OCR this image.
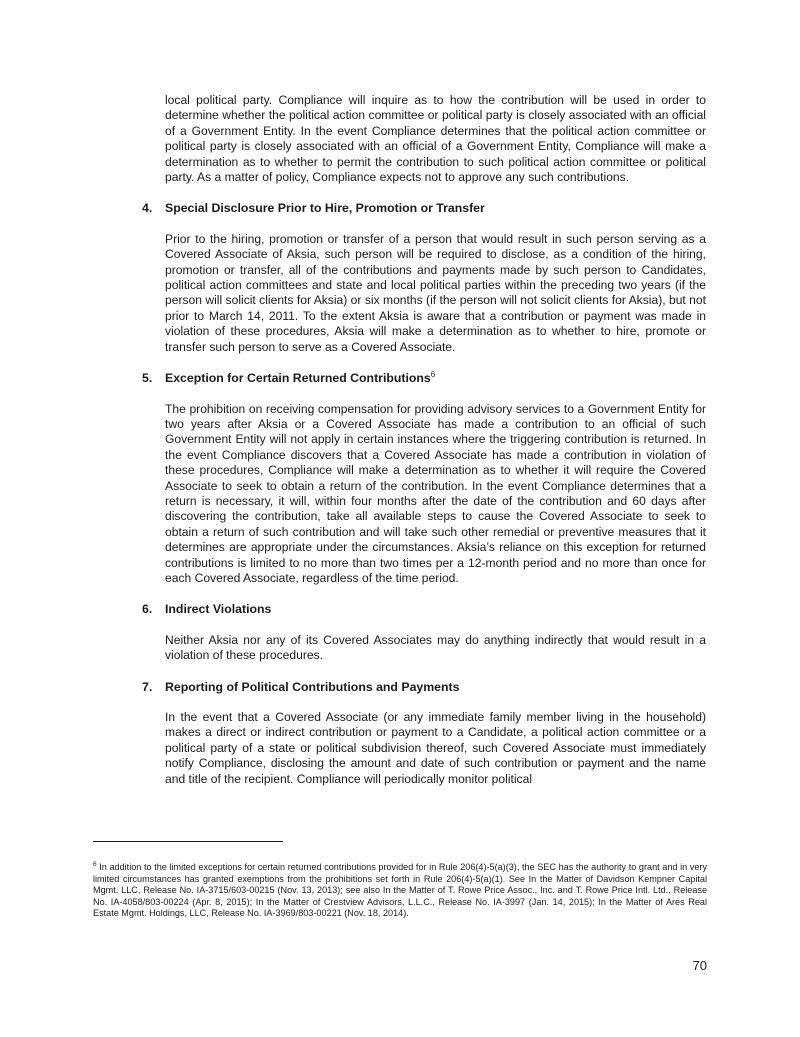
local political party. Compliance will inquire as to how the contribution will be used in order to determine whether the political action committee or political party is closely associated with an official of a Government Entity. In the event Compliance determines that the political action committee or political party is closely associated with an official of a Government Entity, Compliance will make a determination as to whether to permit the contribution to such political action committee or political party. As a matter of policy, Compliance expects not to approve any such contributions.

4.	Special Disclosure Prior to Hire, Promotion or Transfer

Prior to the hiring, promotion or transfer of a person that would result in such person serving as a Covered Associate of Aksia, such person will be required to disclose, as a condition of the hiring, promotion or transfer, all of the contributions and payments made by such person to Candidates, political action committees and state and local political parties within the preceding two years (if the person will solicit clients for Aksia) or six months (if the person will not solicit clients for Aksia), but not prior to March 14, 2011. To the extent Aksia is aware that a contribution or payment was made in violation of these procedures, Aksia will make a determination as to whether to hire, promote or transfer such person to serve as a Covered Associate.

5.	Exception for Certain Returned Contributions$^6$

The prohibition on receiving compensation for providing advisory services to a Government Entity for two years after Aksia or a Covered Associate has made a contribution to an official of such Government Entity will not apply in certain instances where the triggering contribution is returned. In the event Compliance discovers that a Covered Associate has made a contribution in violation of these procedures, Compliance will make a determination as to whether it will require the Covered Associate to seek to obtain a return of the contribution. In the event Compliance determines that a return is necessary, it will, within four months after the date of the contribution and 60 days after discovering the contribution, take all available steps to cause the Covered Associate to seek to obtain a return of such contribution and will take such other remedial or preventive measures that it determines are appropriate under the circumstances. Aksia’s reliance on this exception for returned contributions is limited to no more than two times per a 12-month period and no more than once for each Covered Associate, regardless of the time period.

6.	Indirect Violations

Neither Aksia nor any of its Covered Associates may do anything indirectly that would result in a violation of these procedures.

7.	Reporting of Political Contributions and Payments

In the event that a Covered Associate (or any immediate family member living in the household) makes a direct or indirect contribution or payment to a Candidate, a political action committee or a political party of a state or political subdivision thereof, such Covered Associate must immediately notify Compliance, disclosing the amount and date of such contribution or payment and the name and title of the recipient. Compliance will periodically monitor political

$^6$ In addition to the limited exceptions for certain returned contributions provided for in Rule 206(4)-5(a)(3), the SEC has the authority to grant and in very limited circumstances has granted exemptions from the prohibitions set forth in Rule 206(4)-5(a)(1). See In the Matter of Davidson Kempner Capital Mgmt. LLC, Release No. IA-3715/603-00215 (Nov. 13, 2013); see also In the Matter of T. Rowe Price Assoc., Inc. and T. Rowe Price Intl. Ltd., Release No. IA-4058/803-00224 (Apr. 8, 2015); In the Matter of Crestview Advisors, L.L.C., Release No. IA-3997 (Jan. 14, 2015); In the Matter of Ares Real Estate Mgmt. Holdings, LLC, Release No. IA-3969/803-00221 (Nov. 18, 2014).
70
